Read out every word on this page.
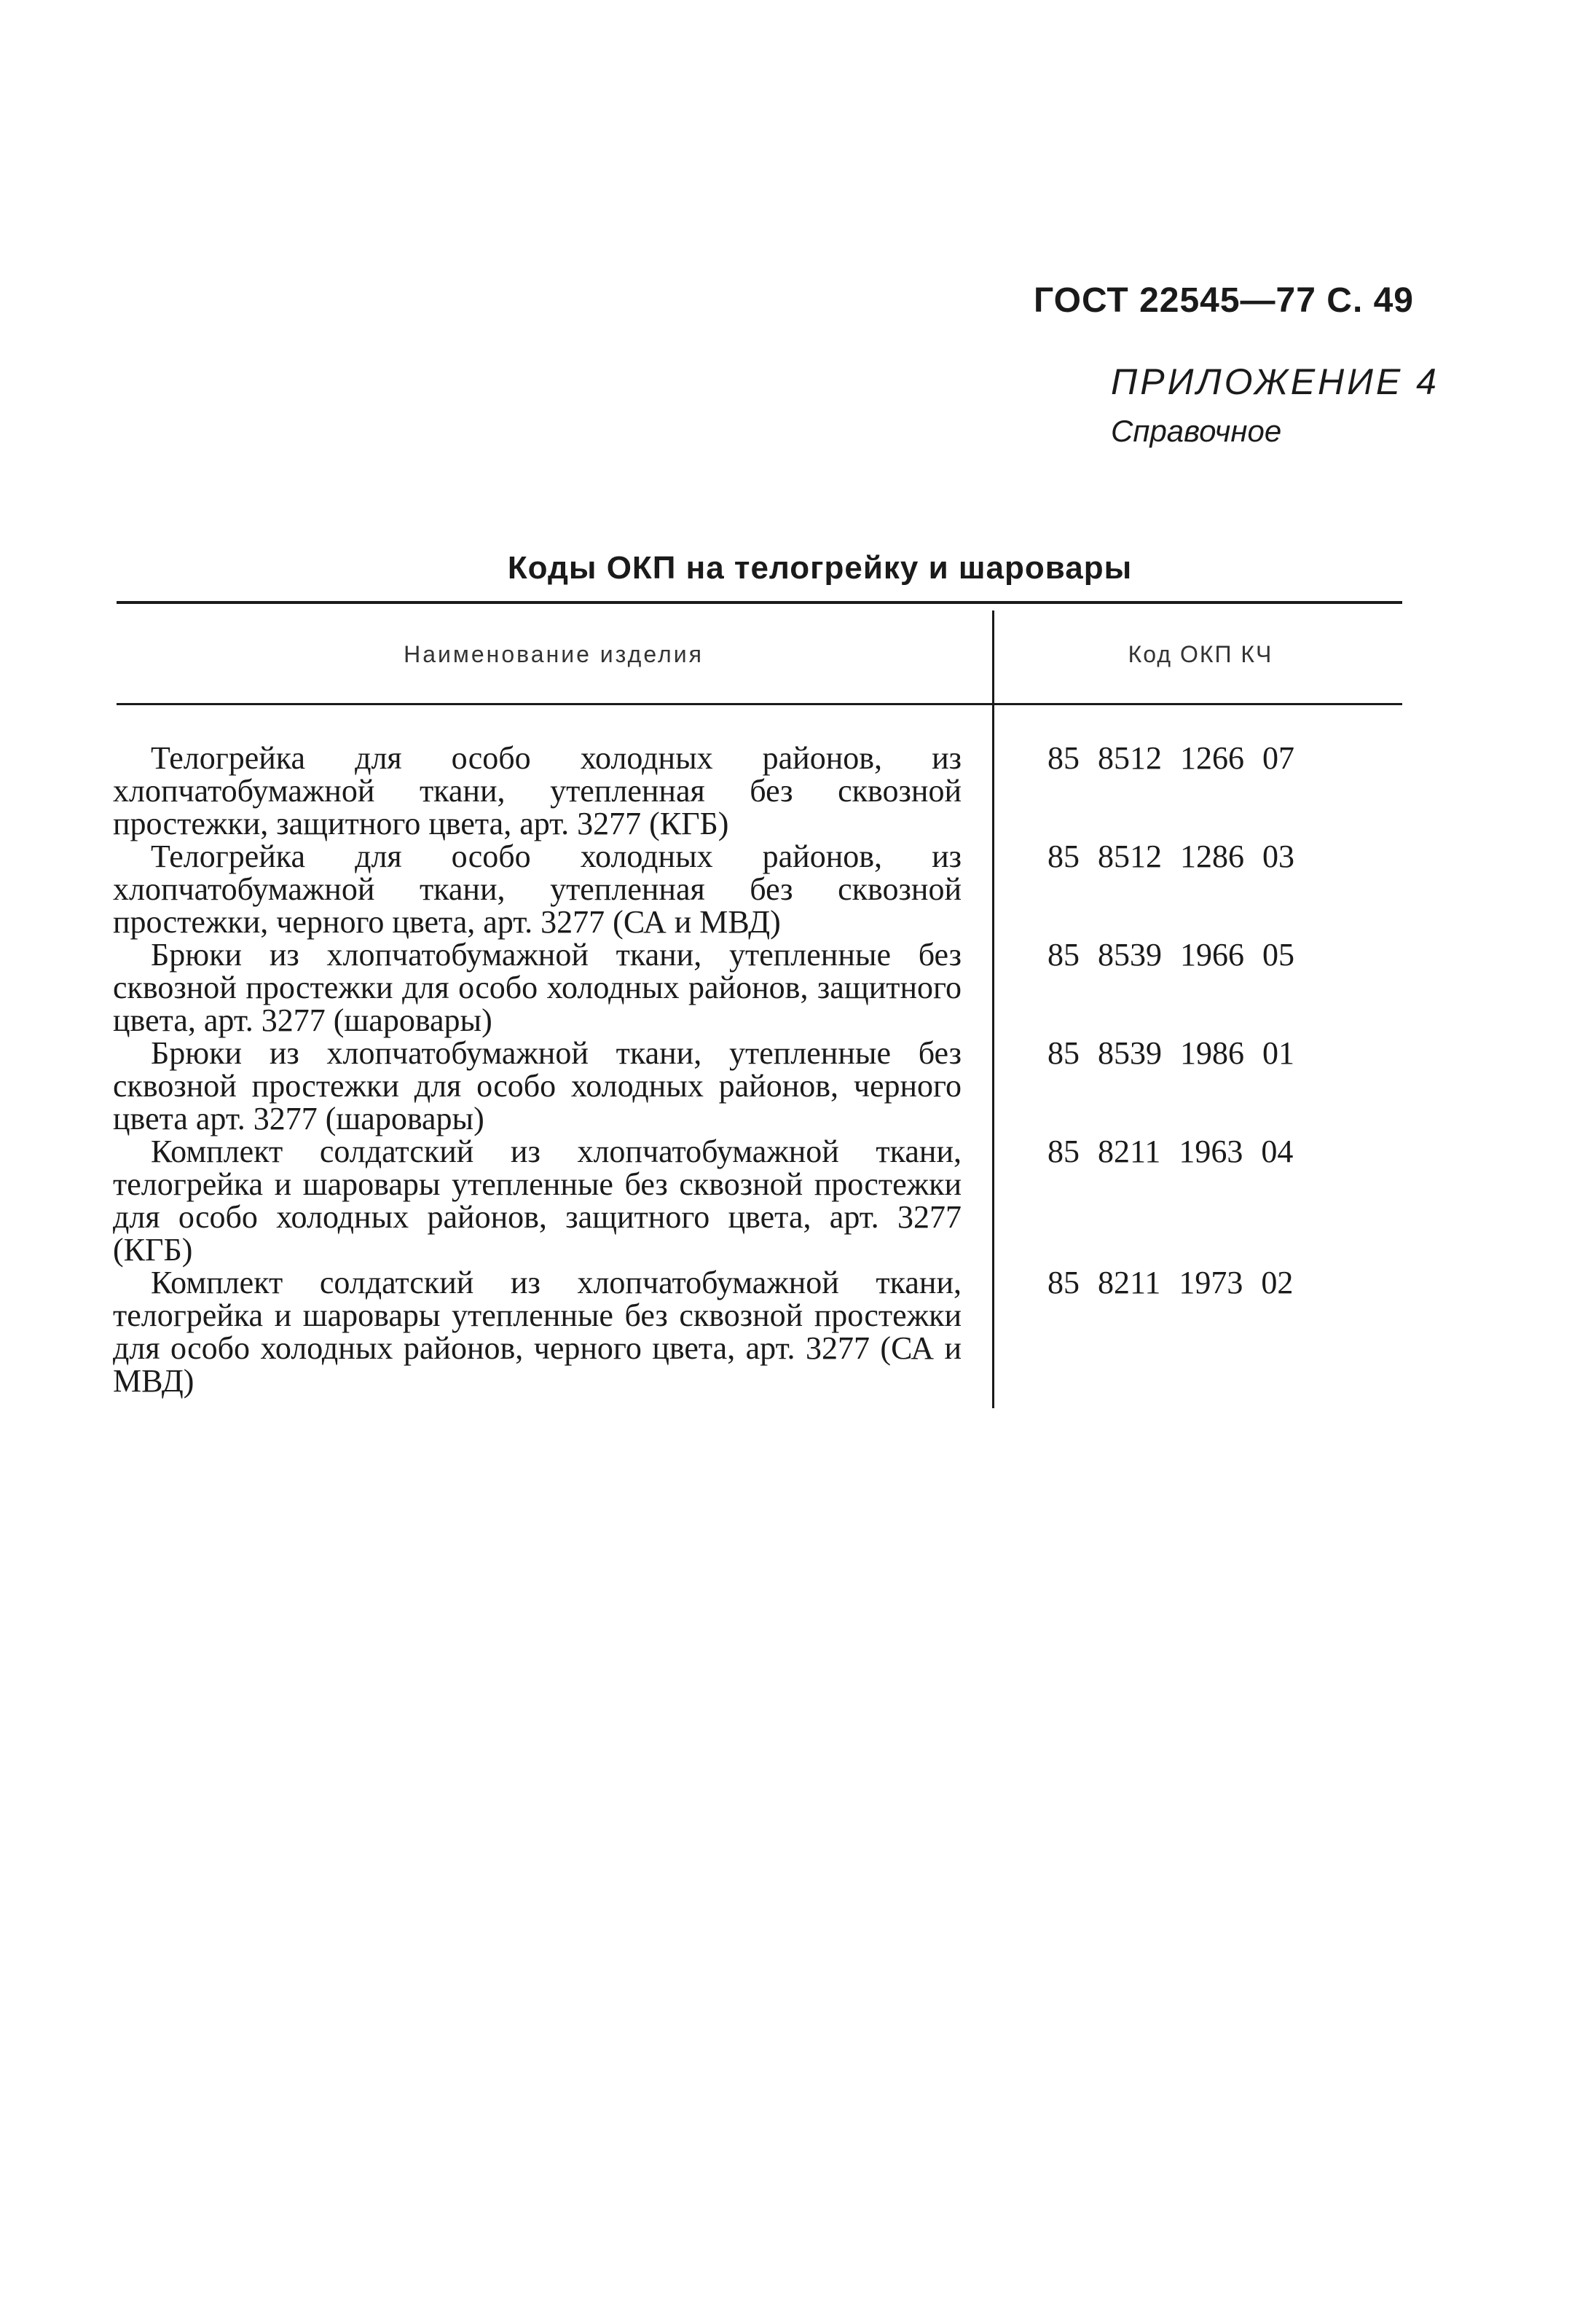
ГОСТ 22545—77 С. 49
ПРИЛОЖЕНИЕ 4
Справочное
Коды ОКП на телогрейку и шаровары
Наименование изделия	Код ОКП КЧ
Телогрейка для особо холодных районов, из хлопчатобумажной ткани, утепленная без сквозной простежки, защитного цвета, арт. 3277 (КГБ)
85 8512 1266 07
Телогрейка для особо холодных районов, из хлопчатобумажной ткани, утепленная без сквозной простежки, черного цвета, арт. 3277 (СА и МВД)
85 8512 1286 03
Брюки из хлопчатобумажной ткани, утепленные без сквозной простежки для особо холодных районов, защитного цвета, арт. 3277 (шаровары)
85 8539 1966 05
Брюки из хлопчатобумажной ткани, утепленные без сквозной простежки для особо холодных районов, черного цвета арт. 3277 (шаровары)
85 8539 1986 01
Комплект солдатский из хлопчатобумажной ткани, телогрейка и шаровары утепленные без сквозной простежки для особо холодных районов, защитного цвета, арт. 3277 (КГБ)
85 8211 1963 04
Комплект солдатский из хлопчатобумажной ткани, телогрейка и шаровары утепленные без сквозной простежки для особо холодных районов, черного цвета, арт. 3277 (СА и МВД)
85 8211 1973 02
